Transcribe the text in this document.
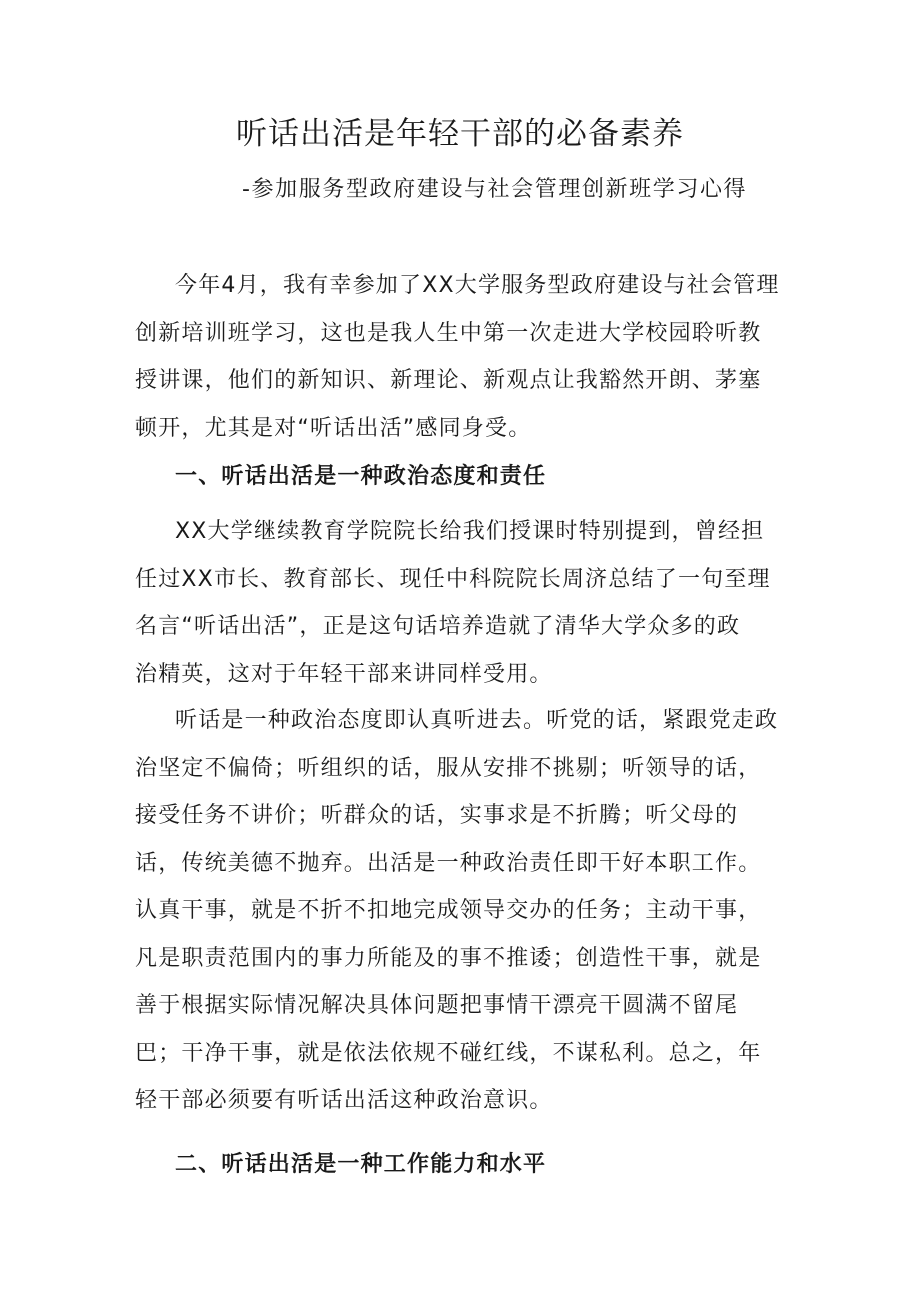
听话出活是年轻干部的必备素养

-参加服务型政府建设与社会管理创新班学习心得

今年4月，我有幸参加了XX大学服务型政府建设与社会管理
创新培训班学习，这也是我人生中第一次走进大学校园聆听教
授讲课，他们的新知识、新理论、新观点让我豁然开朗、茅塞
顿开，尤其是对“听话出活”感同身受。

一、听话出活是一种政治态度和责任

XX大学继续教育学院院长给我们授课时特别提到，曾经担
任过XX市长、教育部长、现任中科院院长周济总结了一句至理
名言“听话出活”，正是这句话培养造就了清华大学众多的政
治精英，这对于年轻干部来讲同样受用。

听话是一种政治态度即认真听进去。听党的话，紧跟党走政
治坚定不偏倚；听组织的话，服从安排不挑剔；听领导的话，
接受任务不讲价；听群众的话，实事求是不折腾；听父母的
话，传统美德不抛弃。出活是一种政治责任即干好本职工作。
认真干事，就是不折不扣地完成领导交办的任务；主动干事，
凡是职责范围内的事力所能及的事不推诿；创造性干事，就是
善于根据实际情况解决具体问题把事情干漂亮干圆满不留尾
巴；干净干事，就是依法依规不碰红线，不谋私利。总之，年
轻干部必须要有听话出活这种政治意识。

二、听话出活是一种工作能力和水平
